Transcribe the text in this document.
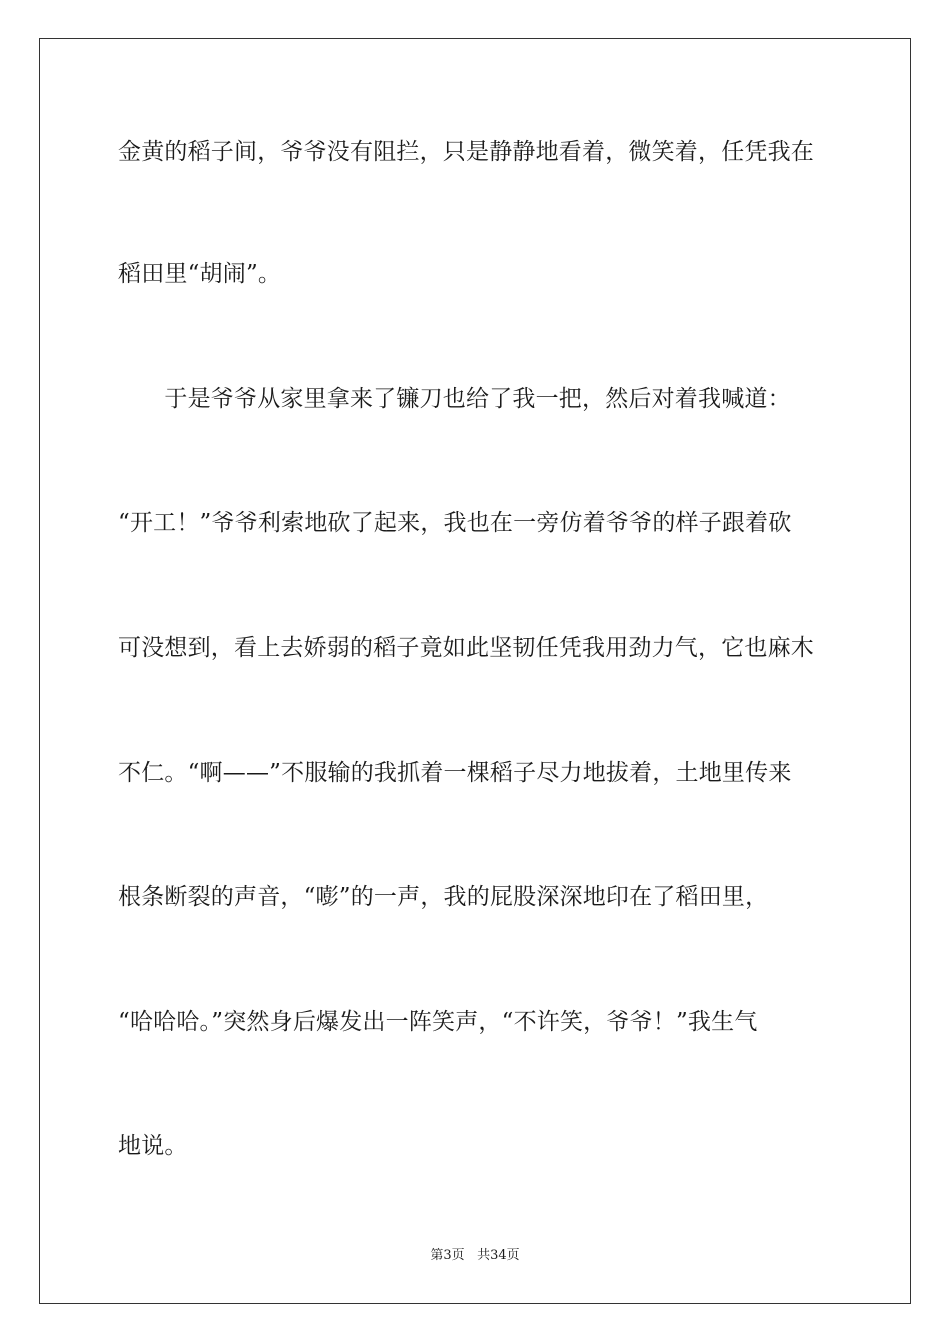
金黄的稻子间，爷爷没有阻拦，只是静静地看着，微笑着，任凭我在
稻田里“胡闹”。
　　于是爷爷从家里拿来了镰刀也给了我一把，然后对着我喊道：
“开工！”爷爷利索地砍了起来，我也在一旁仿着爷爷的样子跟着砍
可没想到，看上去娇弱的稻子竟如此坚韧任凭我用劲力气，它也麻木
不仁。“啊——”不服输的我抓着一棵稻子尽力地拔着，土地里传来
根条断裂的声音，“嘭”的一声，我的屁股深深地印在了稻田里，
“哈哈哈。”突然身后爆发出一阵笑声，“不许笑，爷爷！”我生气
地说。
第3页 共34页
